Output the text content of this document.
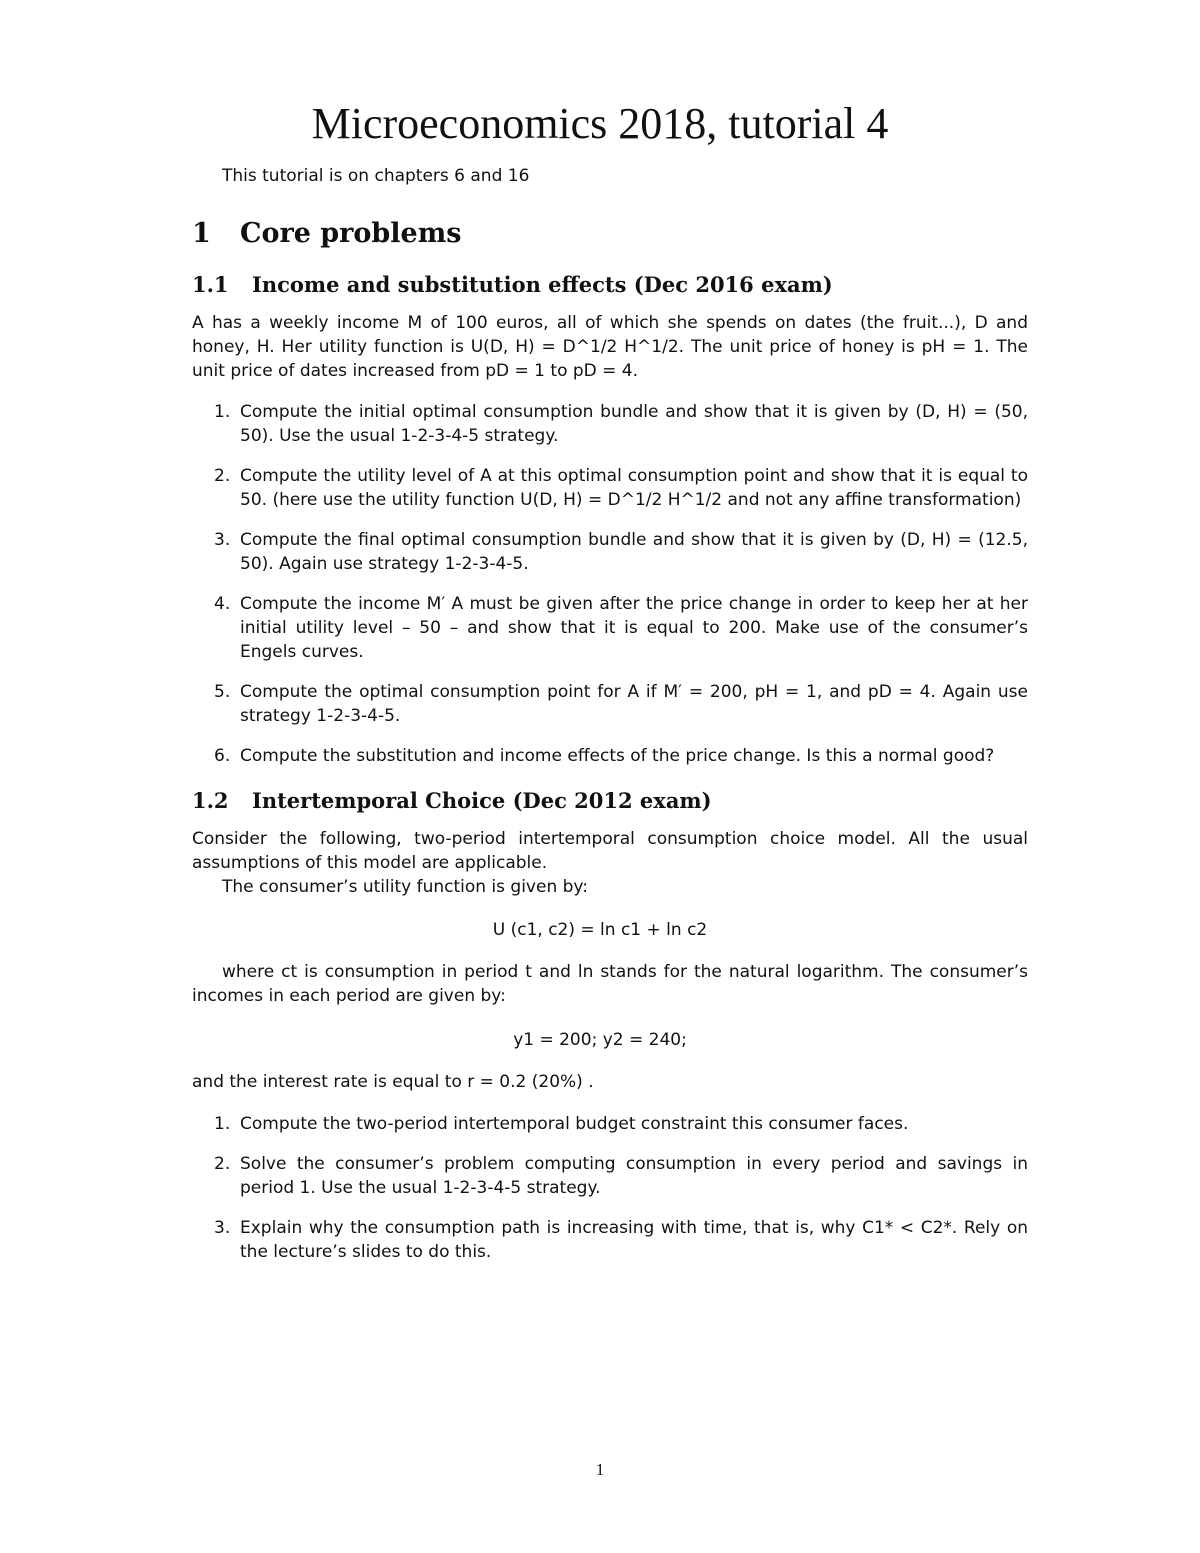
Microeconomics 2018, tutorial 4
This tutorial is on chapters 6 and 16
1 Core problems
1.1 Income and substitution effects (Dec 2016 exam)
A has a weekly income M of 100 euros, all of which she spends on dates (the fruit...), D and honey, H. Her utility function is U(D, H) = D^1/2 H^1/2. The unit price of honey is pH = 1. The unit price of dates increased from pD = 1 to pD = 4.
1. Compute the initial optimal consumption bundle and show that it is given by (D, H) = (50, 50). Use the usual 1-2-3-4-5 strategy.
2. Compute the utility level of A at this optimal consumption point and show that it is equal to 50. (here use the utility function U(D, H) = D^1/2 H^1/2 and not any affine transformation)
3. Compute the final optimal consumption bundle and show that it is given by (D, H) = (12.5, 50). Again use strategy 1-2-3-4-5.
4. Compute the income M′ A must be given after the price change in order to keep her at her initial utility level – 50 – and show that it is equal to 200. Make use of the consumer’s Engels curves.
5. Compute the optimal consumption point for A if M′ = 200, pH = 1, and pD = 4. Again use strategy 1-2-3-4-5.
6. Compute the substitution and income effects of the price change. Is this a normal good?
1.2 Intertemporal Choice (Dec 2012 exam)
Consider the following, two-period intertemporal consumption choice model. All the usual assumptions of this model are applicable.
The consumer’s utility function is given by:
U (c1, c2) = ln c1 + ln c2
where ct is consumption in period t and ln stands for the natural logarithm. The consumer’s incomes in each period are given by:
y1 = 200; y2 = 240;
and the interest rate is equal to r = 0.2 (20%) .
1. Compute the two-period intertemporal budget constraint this consumer faces.
2. Solve the consumer’s problem computing consumption in every period and savings in period 1. Use the usual 1-2-3-4-5 strategy.
3. Explain why the consumption path is increasing with time, that is, why C1* < C2*. Rely on the lecture’s slides to do this.
1
